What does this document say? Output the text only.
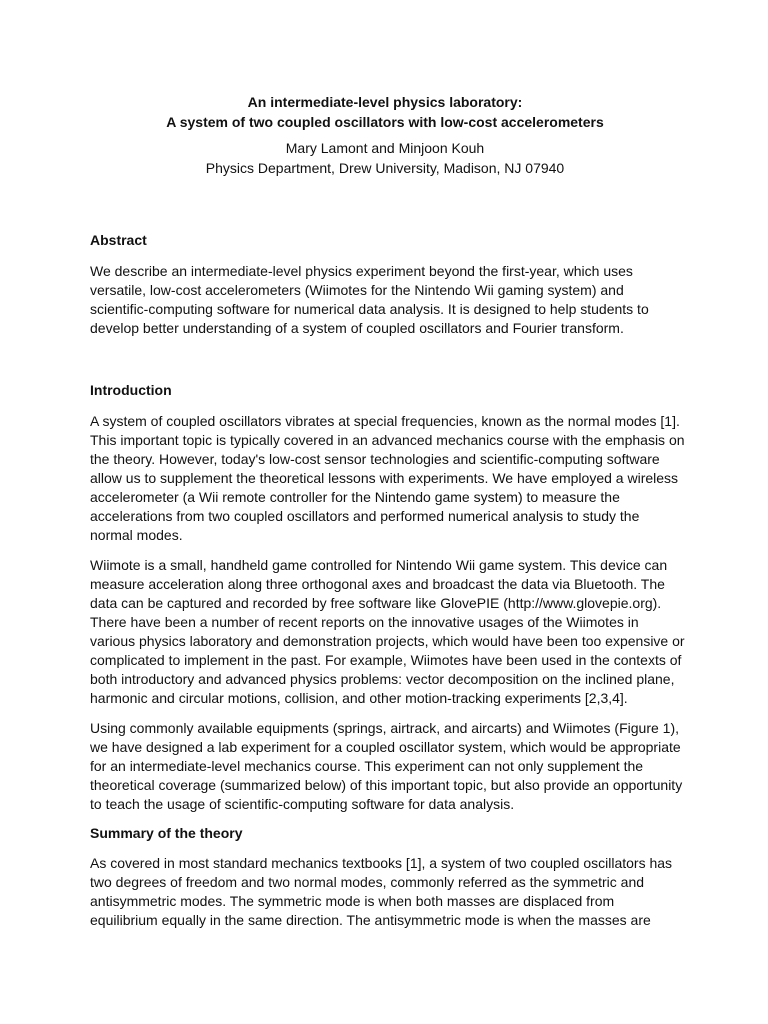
An intermediate-level physics laboratory:
A system of two coupled oscillators with low-cost accelerometers
Mary Lamont and Minjoon Kouh
Physics Department, Drew University, Madison, NJ 07940
Abstract

We describe an intermediate-level physics experiment beyond the first-year, which uses
versatile, low-cost accelerometers (Wiimotes for the Nintendo Wii gaming system) and
scientific-computing software for numerical data analysis. It is designed to help students to
develop better understanding of a system of coupled oscillators and Fourier transform.

Introduction

A system of coupled oscillators vibrates at special frequencies, known as the normal modes [1].
This important topic is typically covered in an advanced mechanics course with the emphasis on
the theory. However, today's low-cost sensor technologies and scientific-computing software
allow us to supplement the theoretical lessons with experiments. We have employed a wireless
accelerometer (a Wii remote controller for the Nintendo game system) to measure the
accelerations from two coupled oscillators and performed numerical analysis to study the
normal modes.

Wiimote is a small, handheld game controlled for Nintendo Wii game system. This device can
measure acceleration along three orthogonal axes and broadcast the data via Bluetooth. The
data can be captured and recorded by free software like GlovePIE (http://www.glovepie.org).
There have been a number of recent reports on the innovative usages of the Wiimotes in
various physics laboratory and demonstration projects, which would have been too expensive or
complicated to implement in the past. For example, Wiimotes have been used in the contexts of
both introductory and advanced physics problems: vector decomposition on the inclined plane,
harmonic and circular motions, collision, and other motion-tracking experiments [2,3,4].

Using commonly available equipments (springs, airtrack, and aircarts) and Wiimotes (Figure 1),
we have designed a lab experiment for a coupled oscillator system, which would be appropriate
for an intermediate-level mechanics course. This experiment can not only supplement the
theoretical coverage (summarized below) of this important topic, but also provide an opportunity
to teach the usage of scientific-computing software for data analysis.

Summary of the theory

As covered in most standard mechanics textbooks [1], a system of two coupled oscillators has
two degrees of freedom and two normal modes, commonly referred as the symmetric and
antisymmetric modes. The symmetric mode is when both masses are displaced from
equilibrium equally in the same direction. The antisymmetric mode is when the masses are
